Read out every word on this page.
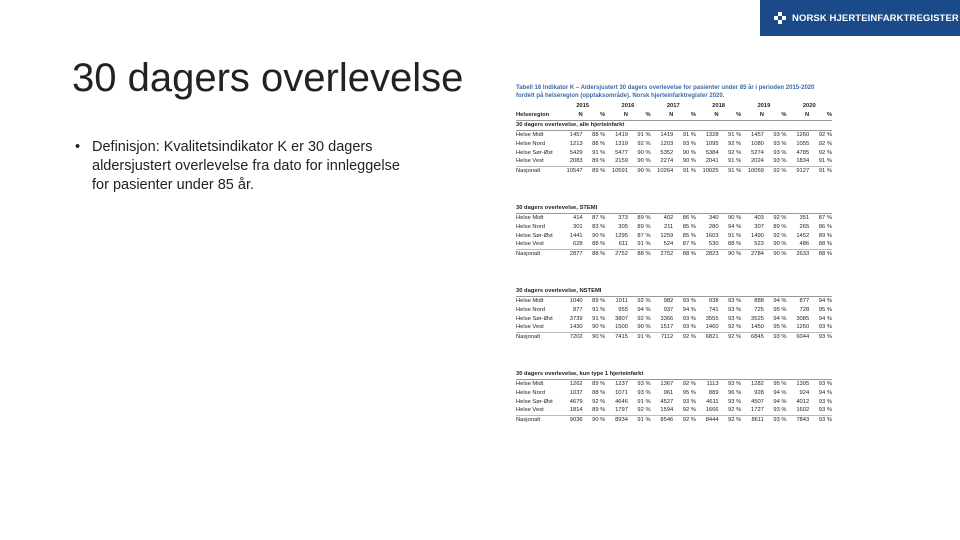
NORSK HJERTEINFARKTREGISTER
30 dagers overlevelse
• Definisjon: Kvalitetsindikator K er 30 dagers aldersjustert overlevelse fra dato for innleggelse for pasienter under 85 år.
Tabell 16 Indikator K – Aldersjustert 30 dagers overlevelse for pasienter under 85 år i perioden 2015-2020 fordelt på helseregion (opptaksområde). Norsk hjerteinfarktregister 2020.
	2015		2016		2017		2018		2019		2020	
Helseregion	N	%	N	%	N	%	N	%	N	%	N	%
30 dagers overlevelse, alle hjerteinfarkt
Helse Midt	1457	88 %	1419	91 %	1419	91 %	1328	91 %	1457	93 %	1260	92 %
Helse Nord	1213	88 %	1319	92 %	1203	93 %	1095	92 %	1080	93 %	1055	92 %
Helse Sør-Øst	5429	91 %	5477	90 %	5352	90 %	5384	92 %	5274	93 %	4785	92 %
Helse Vest	2083	89 %	2159	90 %	2274	90 %	2041	91 %	2024	93 %	1834	91 %
Nasjonalt	10547	89 %	10591	90 %	10264	91 %	10025	91 %	10059	92 %	9127	91 %
30 dagers overlevelse, STEMI
Helse Midt	414	87 %	373	89 %	402	86 %	340	90 %	403	92 %	351	87 %
Helse Nord	301	83 %	305	89 %	211	85 %	280	94 %	307	89 %	265	86 %
Helse Sør-Øst	1441	90 %	1295	87 %	1259	85 %	1603	91 %	1490	92 %	1452	89 %
Helse Vest	628	88 %	611	91 %	524	87 %	530	88 %	523	90 %	486	88 %
Nasjonalt	2877	88 %	2752	88 %	2752	88 %	2823	90 %	2784	90 %	2633	88 %
30 dagers overlevelse, NSTEMI
Helse Midt	1040	89 %	1011	92 %	982	93 %	938	93 %	888	94 %	877	94 %
Helse Nord	877	91 %	955	94 %	937	94 %	741	93 %	725	95 %	728	95 %
Helse Sør-Øst	3739	91 %	3807	92 %	3366	93 %	3555	93 %	3525	94 %	3085	94 %
Helse Vest	1430	90 %	1500	90 %	1517	93 %	1460	92 %	1450	95 %	1260	93 %
Nasjonalt	7202	90 %	7415	91 %	7112	92 %	6821	92 %	6845	93 %	6044	93 %
30 dagers overlevelse, kun type 1 hjerteinfarkt
Helse Midt	1262	89 %	1237	93 %	1367	92 %	1113	93 %	1282	95 %	1305	93 %
Helse Nord	1037	88 %	1071	93 %	961	95 %	889	96 %	928	94 %	924	94 %
Helse Sør-Øst	4679	92 %	4646	91 %	4527	93 %	4611	93 %	4507	94 %	4012	93 %
Helse Vest	1814	89 %	1797	92 %	1594	92 %	1666	92 %	1727	93 %	1602	93 %
Nasjonalt	9036	90 %	8934	91 %	8546	92 %	8444	92 %	8611	93 %	7843	93 %
